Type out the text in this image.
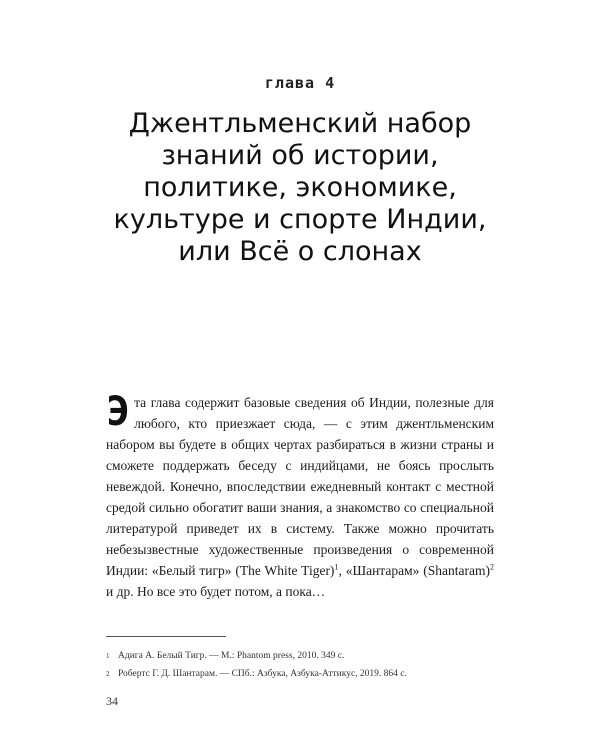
глава 4
Джентльменский набор
знаний об истории,
политике, экономике,
культуре и спорте Индии,
или Всё о слонах

Эта глава содержит базовые сведения об Индии, полезные для любого, кто приезжает сюда, — с этим джентльменским набором вы будете в общих чертах разбираться в жизни страны и сможете поддержать беседу с индийцами, не боясь прослыть невеждой. Конечно, впоследствии ежедневный контакт с местной средой сильно обогатит ваши знания, а знакомство со специальной литературой приведет их в систему. Также можно прочитать небезызвестные художественные произведения о современной Индии: «Белый тигр» (The White Tiger)$^1$, «Шантарам» (Shantaram)$^2$ и др. Но все это будет потом, а пока…

1 Адига А. Белый Тигр. — М.: Phantom press, 2010. 349 с.
2 Робертс Г. Д. Шантарам. — СПб.: Азбука, Азбука-Аттикус, 2019. 864 с.
34
